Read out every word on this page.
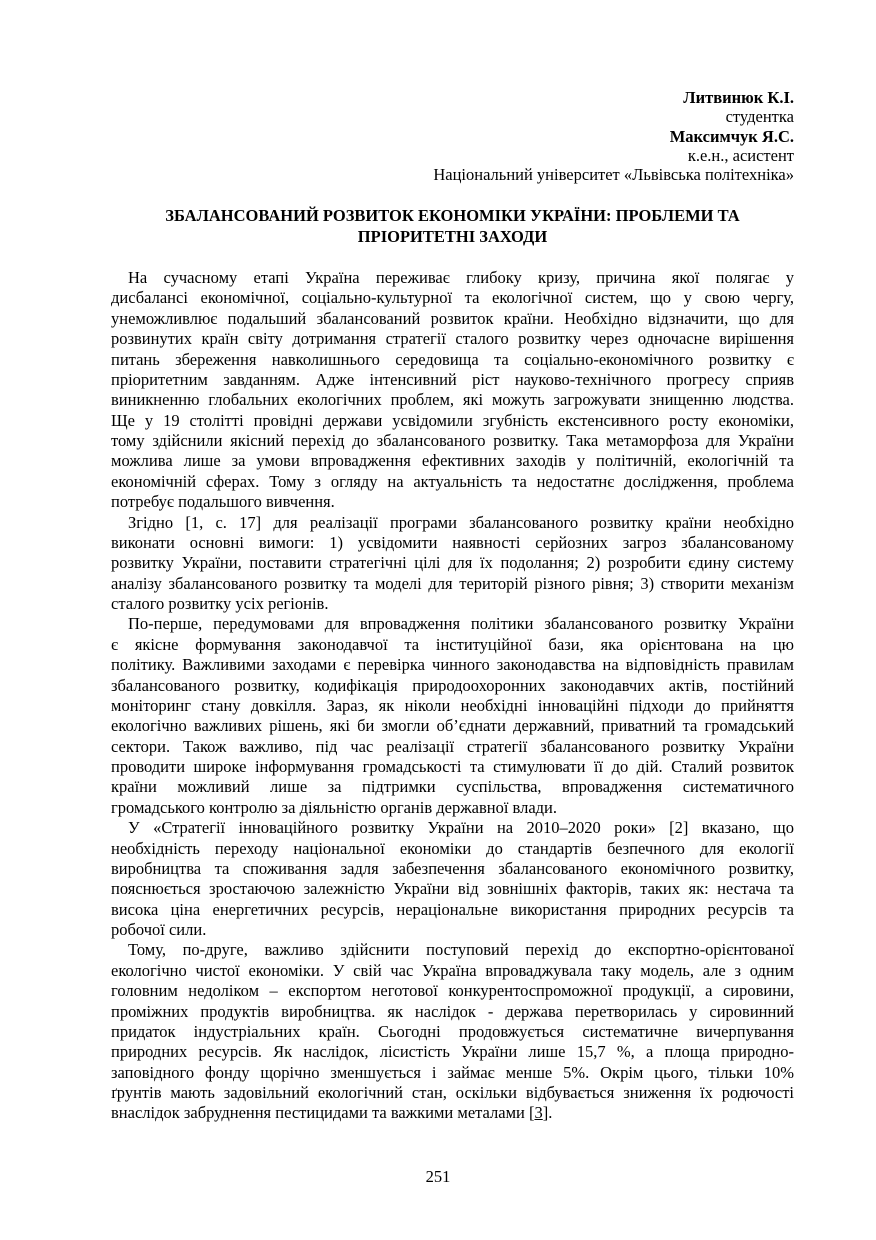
Литвинюк К.І.
студентка
Максимчук Я.С.
к.е.н., асистент
Національний університет «Львівська політехніка»
ЗБАЛАНСОВАНИЙ РОЗВИТОК ЕКОНОМІКИ УКРАЇНИ: ПРОБЛЕМИ ТА
ПРІОРИТЕТНІ ЗАХОДИ
На сучасному етапі Україна переживає глибоку кризу, причина якої полягає у
дисбалансі економічної, соціально-культурної та екологічної систем, що у свою чергу,
унеможливлює подальший збалансований розвиток країни. Необхідно відзначити, що для
розвинутих країн світу дотримання стратегії сталого розвитку через одночасне вирішення
питань збереження навколишнього середовища та соціально-економічного розвитку є
пріоритетним завданням. Адже інтенсивний ріст науково-технічного прогресу сприяв
виникненню глобальних екологічних проблем, які можуть загрожувати знищенню людства.
Ще у 19 столітті провідні держави усвідомили згубність екстенсивного росту економіки,
тому здійснили якісний перехід до збалансованого розвитку. Така метаморфоза для України
можлива лише за умови впровадження ефективних заходів у політичній, екологічній та
економічній сферах. Тому з огляду на актуальність та недостатнє дослідження, проблема
потребує подальшого вивчення.
Згідно [1, с. 17] для реалізації програми збалансованого розвитку країни необхідно
виконати основні вимоги: 1) усвідомити наявності серйозних загроз збалансованому
розвитку України, поставити стратегічні цілі для їх подолання; 2) розробити єдину систему
аналізу збалансованого розвитку та моделі для територій різного рівня; 3) створити механізм
сталого розвитку усіх регіонів.
По-перше, передумовами для впровадження політики збалансованого розвитку України
є якісне формування законодавчої та інституційної бази, яка орієнтована на цю
політику. Важливими заходами є перевірка чинного законодавства на відповідність правилам
збалансованого розвитку, кодифікація природоохоронних законодавчих актів, постійний
моніторинг стану довкілля. Зараз, як ніколи необхідні інноваційні підходи до прийняття
екологічно важливих рішень, які би змогли об’єднати державний, приватний та громадський
сектори. Також важливо, під час реалізації стратегії збалансованого розвитку України
проводити широке інформування громадськості та стимулювати її до дій. Сталий розвиток
країни можливий лише за підтримки суспільства, впровадження систематичного
громадського контролю за діяльністю органів державної влади.
У «Стратегії інноваційного розвитку України на 2010–2020 роки» [2] вказано, що
необхідність переходу національної економіки до стандартів безпечного для екології
виробництва та споживання задля забезпечення збалансованого економічного розвитку,
пояснюється зростаючою залежністю України від зовнішніх факторів, таких як: нестача та
висока ціна енергетичних ресурсів, нераціональне використання природних ресурсів та
робочої сили.
Тому, по-друге, важливо здійснити поступовий перехід до експортно-орієнтованої
екологічно чистої економіки. У свій час Україна впроваджувала таку модель, але з одним
головним недоліком – експортом неготової конкурентоспроможної продукції, а сировини,
проміжних продуктів виробництва. як наслідок - держава перетворилась у сировинний
придаток індустріальних країн. Сьогодні продовжується систематичне вичерпування
природних ресурсів. Як наслідок, лісистість України лише 15,7 %, а площа природно-
заповідного фонду щорічно зменшується і займає менше 5%. Окрім цього, тільки 10%
ґрунтів мають задовільний екологічний стан, оскільки відбувається зниження їх родючості
внаслідок забруднення пестицидами та важкими металами [3].
251
